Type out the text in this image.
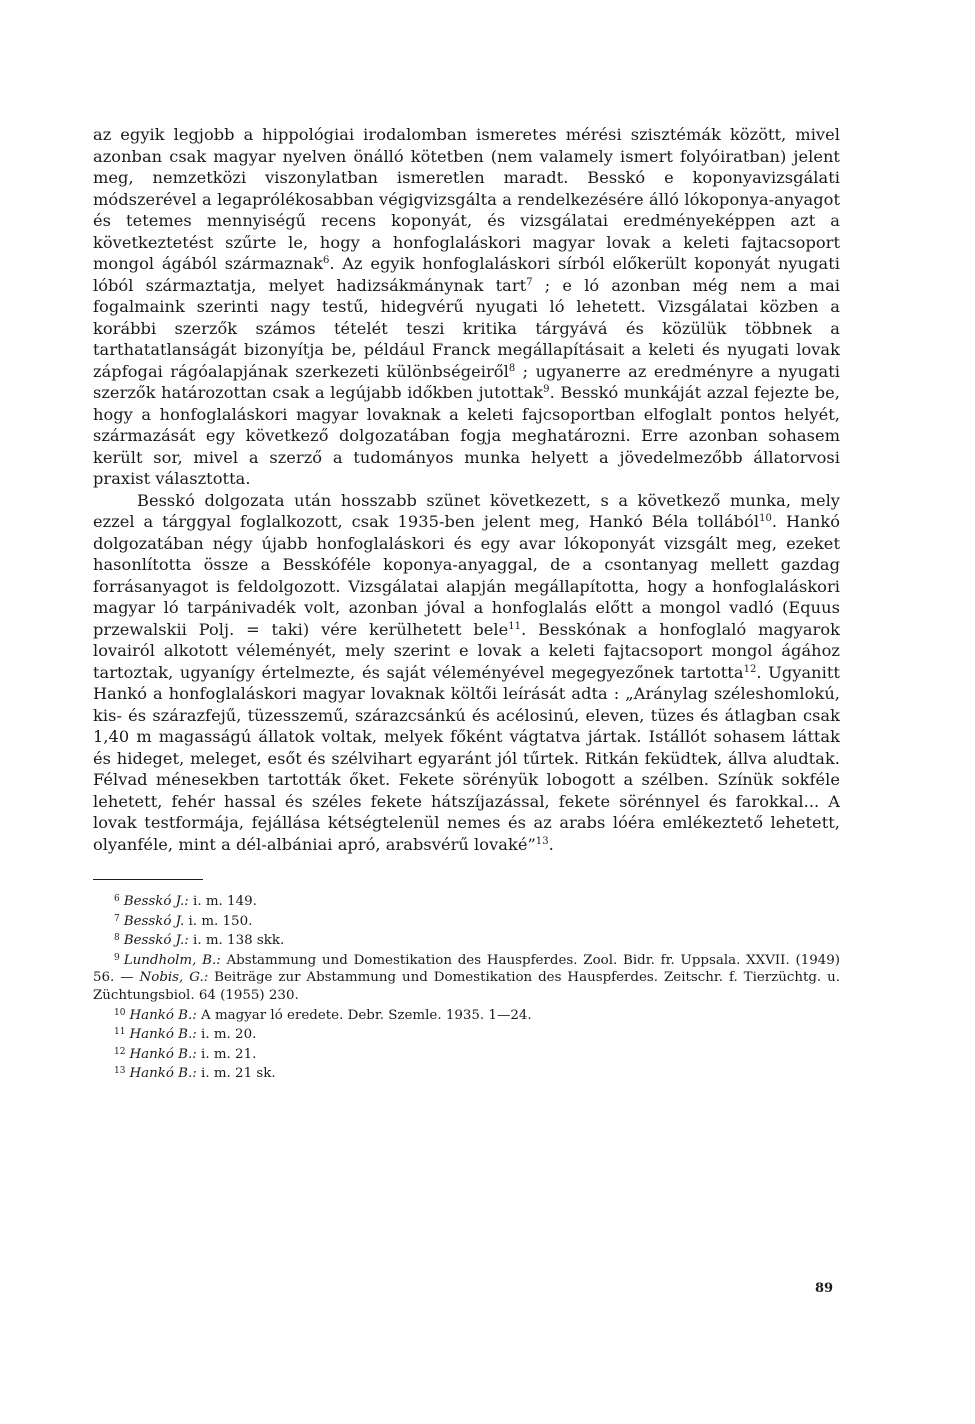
az egyik legjobb a hippológiai irodalomban ismeretes mérési szisztémák között, mivel azonban csak magyar nyelven önálló kötetben (nem valamely ismert folyóiratban) jelent meg, nemzetközi viszonylatban ismeretlen maradt. Besskó e koponyavizsgálati módszerével a legaprólékosabban végigvizsgálta a rendelkezésére álló lókoponya-anyagot és tetemes mennyiségű recens koponyát, és vizsgálatai eredményeképpen azt a következtetést szűrte le, hogy a honfoglaláskori magyar lovak a keleti fajtacsoport mongol ágából származnak$^6$. Az egyik honfoglaláskori sírból előkerült koponyát nyugati lóból származtatja, melyet hadizsákmánynak tart$^7$ ; e ló azonban még nem a mai fogalmaink szerinti nagy testű, hidegvérű nyugati ló lehetett. Vizsgálatai közben a korábbi szerzők számos tételét teszi kritika tárgyává és közülük többnek a tarthatatlanságát bizonyítja be, például Franck megállapításait a keleti és nyugati lovak zápfogai rágóalapjának szerkezeti különbségeiről$^8$ ; ugyanerre az eredményre a nyugati szerzők határozottan csak a legújabb időkben jutottak$^9$. Besskó munkáját azzal fejezte be, hogy a honfoglaláskori magyar lovaknak a keleti fajcsoportban elfoglalt pontos helyét, származását egy következő dolgozatában fogja meghatározni. Erre azonban sohasem került sor, mivel a szerző a tudományos munka helyett a jövedelmezőbb állatorvosi praxist választotta.

Besskó dolgozata után hosszabb szünet következett, s a következő munka, mely ezzel a tárggyal foglalkozott, csak 1935-ben jelent meg, Hankó Béla tollából$^{10}$. Hankó dolgozatában négy újabb honfoglaláskori és egy avar lókoponyát vizsgált meg, ezeket hasonlította össze a Besskóféle koponya-anyaggal, de a csontanyag mellett gazdag forrásanyagot is feldolgozott. Vizsgálatai alapján megállapította, hogy a honfoglaláskori magyar ló tarpánivadék volt, azonban jóval a honfoglalás előtt a mongol vadló (Equus przewalskii Polj. = taki) vére kerülhetett bele$^{11}$. Besskónak a honfoglaló magyarok lovairól alkotott véleményét, mely szerint e lovak a keleti fajtacsoport mongol ágához tartoztak, ugyanígy értelmezte, és saját véleményével megegyezőnek tartotta$^{12}$. Ugyanitt Hankó a honfoglaláskori magyar lovaknak költői leírását adta : „Aránylag széleshomlokú, kis- és szárazfejű, tüzesszemű, szárazcsánkú és acélosinú, eleven, tüzes és átlagban csak 1,40 m magasságú állatok voltak, melyek főként vágtatva jártak. Istállót sohasem láttak és hideget, meleget, esőt és szélvihart egyaránt jól tűrtek. Ritkán feküdtek, állva aludtak. Félvad ménesekben tartották őket. Fekete sörényük lobogott a szélben. Színük sokféle lehetett, fehér hassal és széles fekete hátszíjazással, fekete sörénnyel és farokkal... A lovak testformája, fejállása kétségtelenül nemes és az arabs lóéra emlékeztető lehetett, olyanféle, mint a dél-albániai apró, arabsvérű lovaké”$^{13}$.

$^6$ Besskó J.: i. m. 149.
$^7$ Besskó J. i. m. 150.
$^8$ Besskó J.: i. m. 138 skk.
$^9$ Lundholm, B.: Abstammung und Domestikation des Hauspferdes. Zool. Bidr. fr. Uppsala. XXVII. (1949) 56. — Nobis, G.: Beiträge zur Abstammung und Domestikation des Hauspferdes. Zeitschr. f. Tierzüchtg. u. Züchtungsbiol. 64 (1955) 230.
$^{10}$ Hankó B.: A magyar ló eredete. Debr. Szemle. 1935. 1—24.
$^{11}$ Hankó B.: i. m. 20.
$^{12}$ Hankó B.: i. m. 21.
$^{13}$ Hankó B.: i. m. 21 sk.
89
